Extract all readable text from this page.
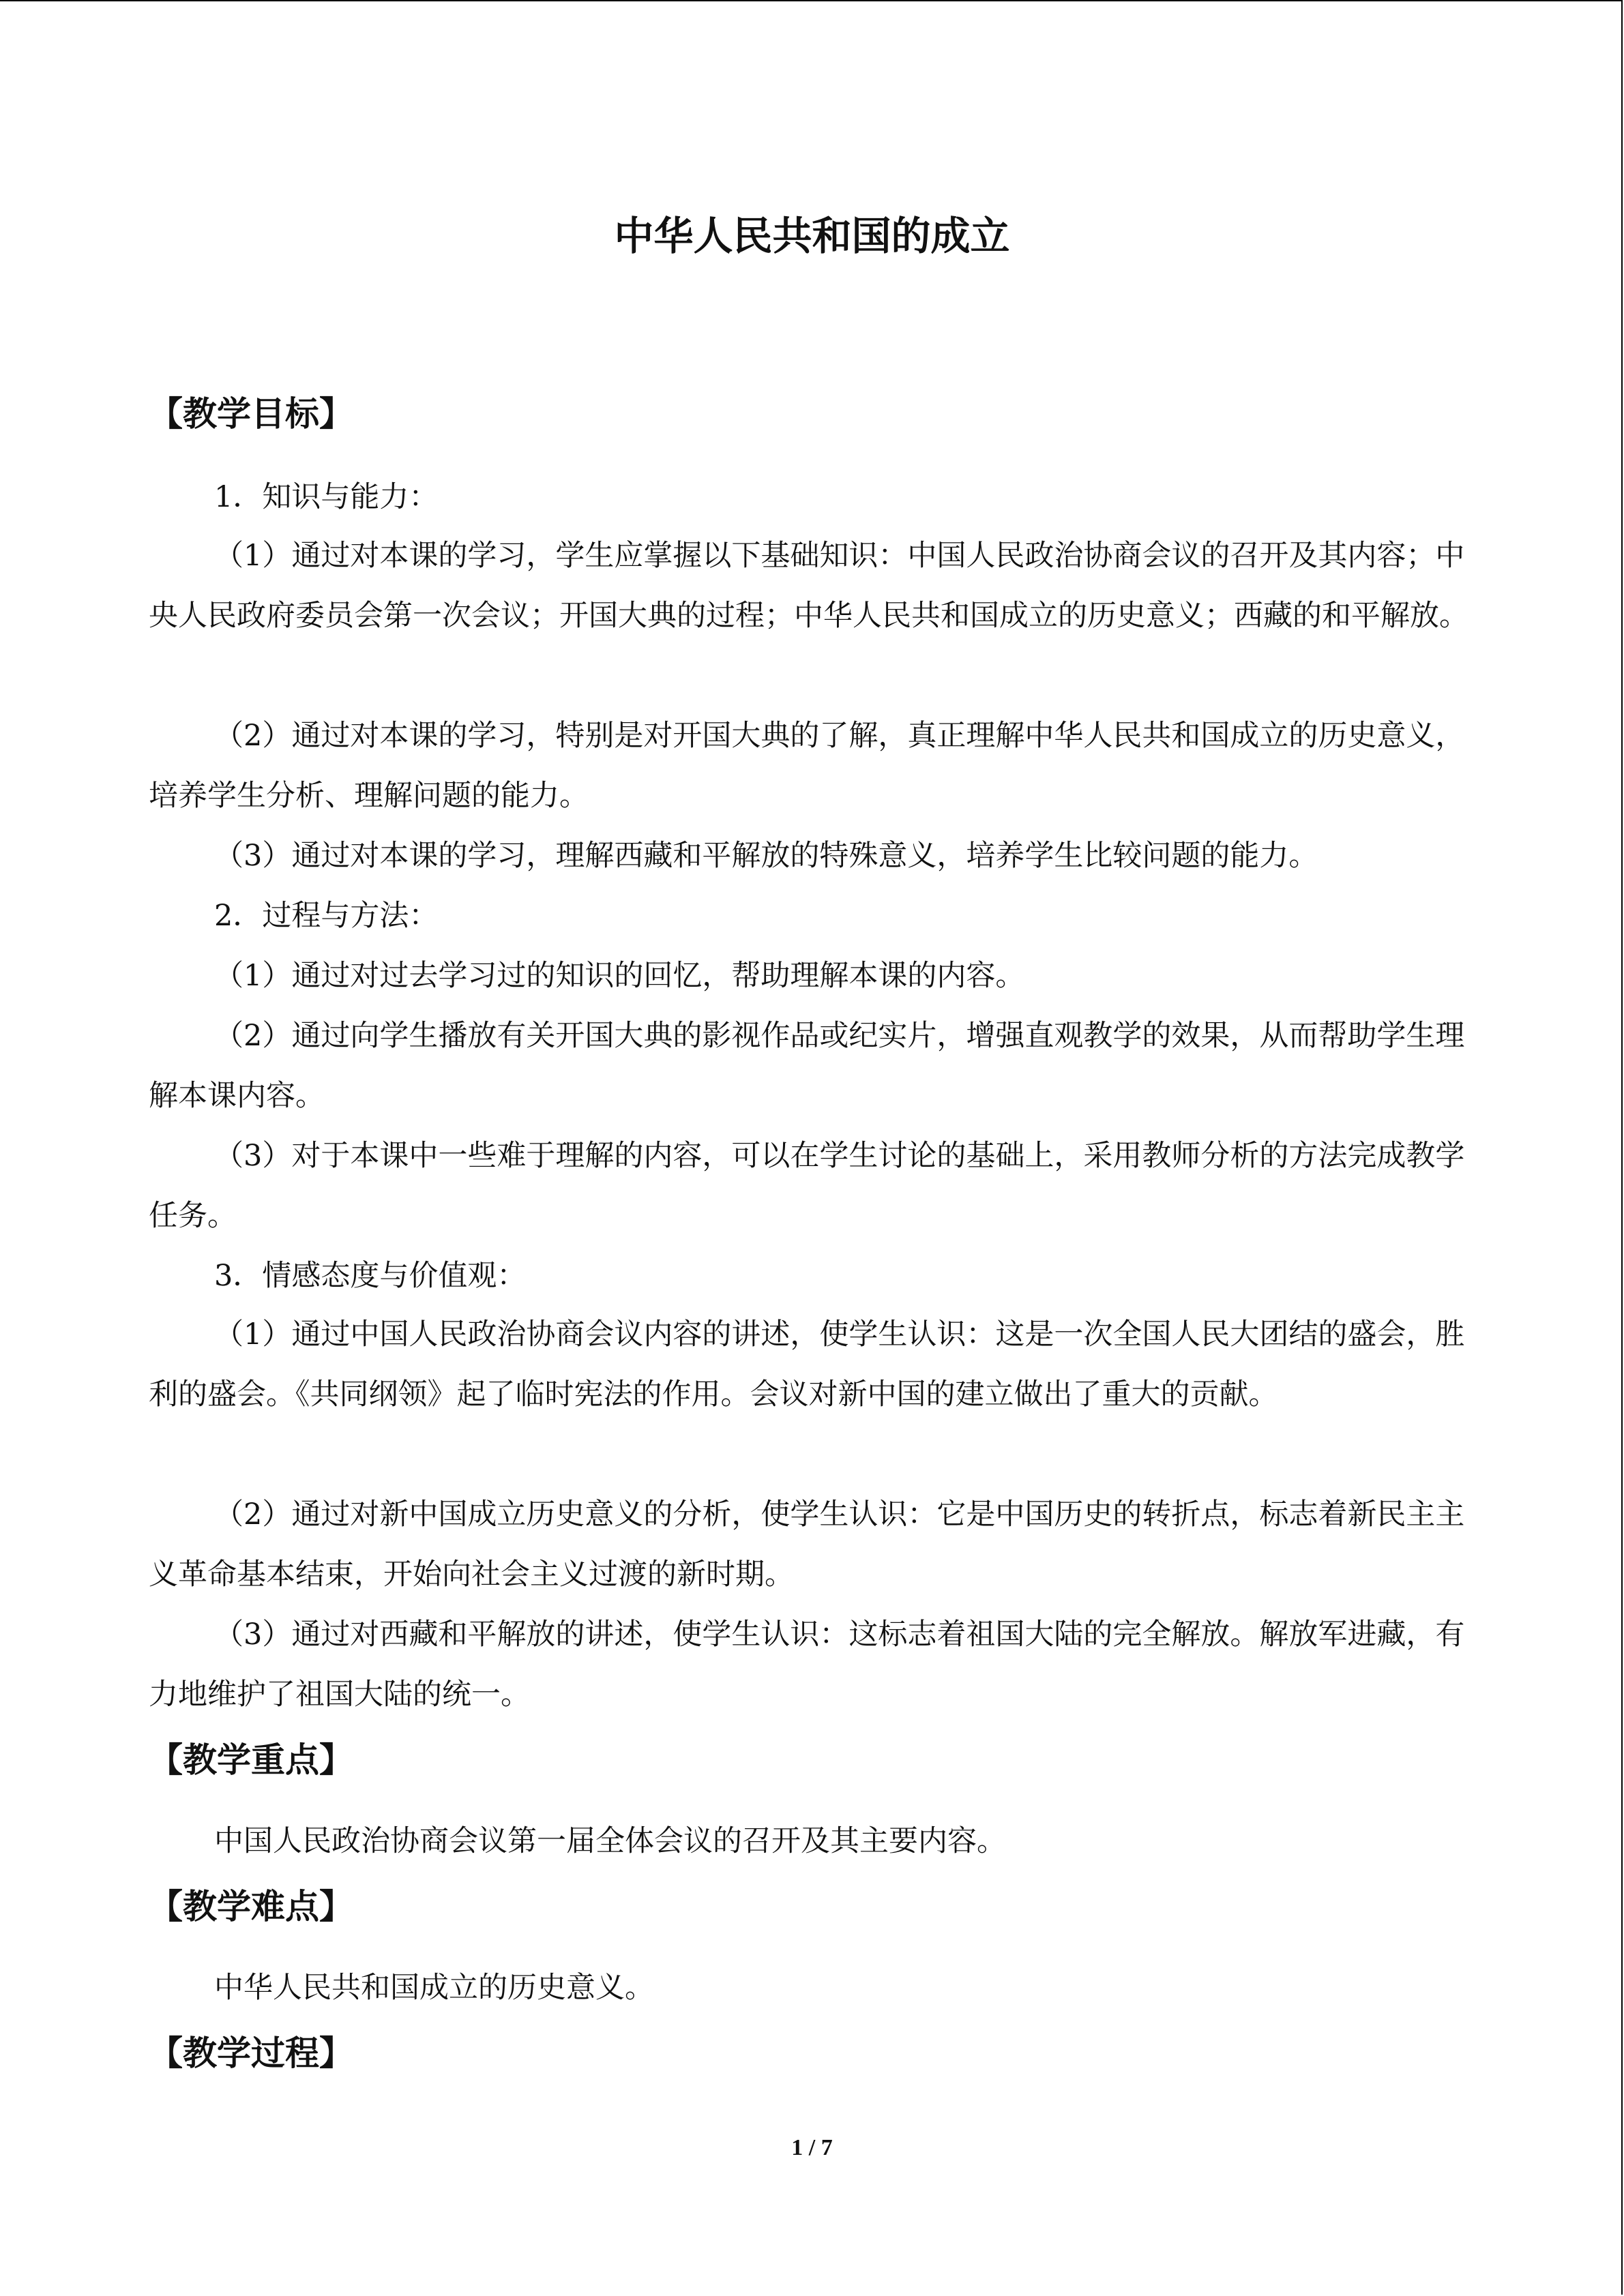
中华人民共和国的成立
【教学目标】

1．知识与能力：

（1）通过对本课的学习，学生应掌握以下基础知识：中国人民政治协商会议的召开及其内容；中央人民政府委员会第一次会议；开国大典的过程；中华人民共和国成立的历史意义；西藏的和平解放。

（2）通过对本课的学习，特别是对开国大典的了解，真正理解中华人民共和国成立的历史意义，培养学生分析、理解问题的能力。

（3）通过对本课的学习，理解西藏和平解放的特殊意义，培养学生比较问题的能力。

2．过程与方法：

（1）通过对过去学习过的知识的回忆，帮助理解本课的内容。

（2）通过向学生播放有关开国大典的影视作品或纪实片，增强直观教学的效果，从而帮助学生理解本课内容。

（3）对于本课中一些难于理解的内容，可以在学生讨论的基础上，采用教师分析的方法完成教学任务。

3．情感态度与价值观：

（1）通过中国人民政治协商会议内容的讲述，使学生认识：这是一次全国人民大团结的盛会，胜利的盛会。《共同纲领》起了临时宪法的作用。会议对新中国的建立做出了重大的贡献。

（2）通过对新中国成立历史意义的分析，使学生认识：它是中国历史的转折点，标志着新民主主义革命基本结束，开始向社会主义过渡的新时期。

（3）通过对西藏和平解放的讲述，使学生认识：这标志着祖国大陆的完全解放。解放军进藏，有力地维护了祖国大陆的统一。

【教学重点】

中国人民政治协商会议第一届全体会议的召开及其主要内容。

【教学难点】

中华人民共和国成立的历史意义。

【教学过程】
1 / 7
